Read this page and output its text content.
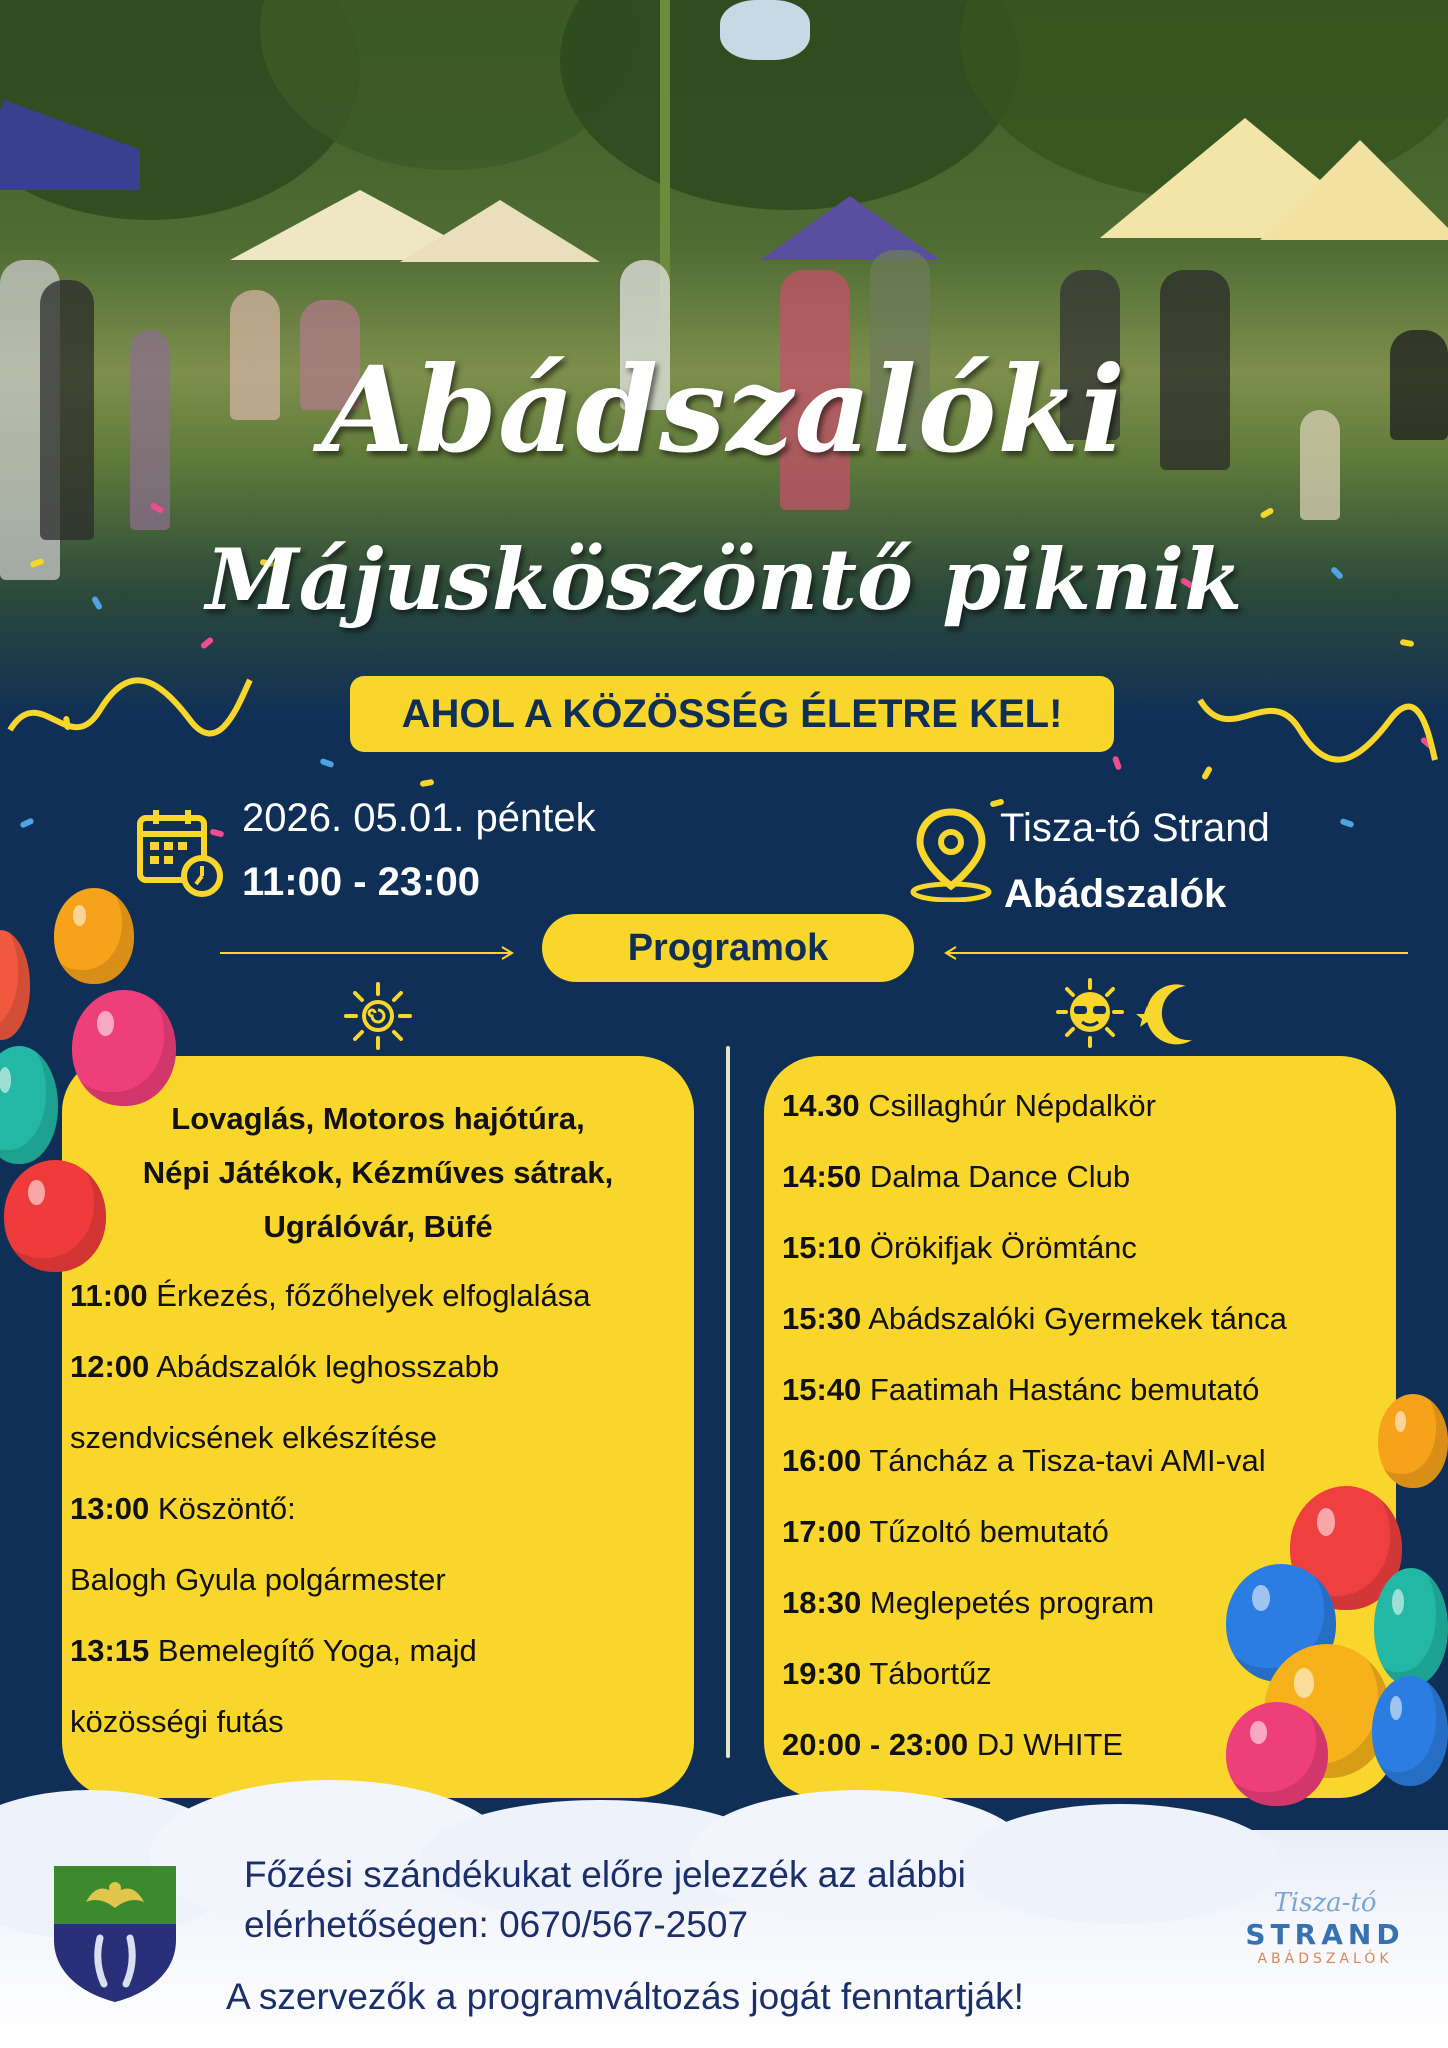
Abádszalóki
Májusköszöntő piknik
AHOL A KÖZÖSSÉG ÉLETRE KEL!
2026. 05.01. péntek
11:00 - 23:00
Tisza-tó Strand
Abádszalók
Programok
Lovaglás, Motoros hajótúra,
Népi Játékok, Kézműves sátrak,
Ugrálóvár, Büfé
11:00 Érkezés, főzőhelyek elfoglalása
12:00 Abádszalók leghosszabb
szendvicsének elkészítése
13:00 Köszöntő:
Balogh Gyula polgármester
13:15 Bemelegítő Yoga, majd
közösségi futás
14.30 Csillaghúr Népdalkör
14:50 Dalma Dance Club
15:10 Örökifjak Örömtánc
15:30 Abádszalóki Gyermekek tánca
15:40 Faatimah Hastánc bemutató
16:00 Táncház a Tisza-tavi AMI-val
17:00 Tűzoltó bemutató
18:30 Meglepetés program
19:30 Tábortűz
20:00 - 23:00 DJ WHITE
Főzési szándékukat előre jelezzék az alábbi
elérhetőségen: 0670/567-2507
A szervezők a programváltozás jogát fenntartják!
Tisza-tó
STRAND
ABÁDSZALÓK
